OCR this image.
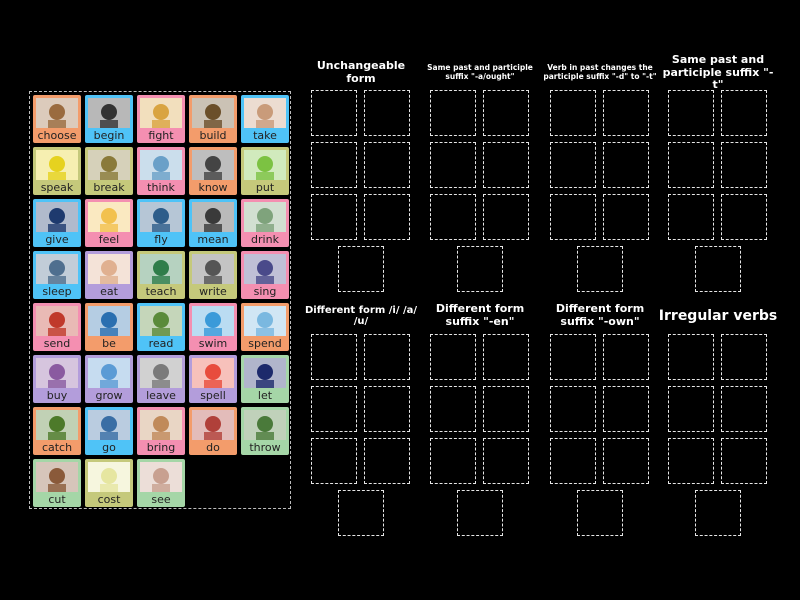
choose	begin	fight	build	take
speak	break	think	know	put
give	feel	fly	mean	drink
sleep	eat	teach	write	sing
send	be	read	swim	spend
buy	grow	leave	spell	let
catch	go	bring	do	throw
cut	cost	see
Unchangeable form
Same past and participle suffix "-a/ought"
Verb in past changes the participle suffix "-d" to "-t"
Same past and participle suffix "-t"
Different form /i/ /a/ /u/
Different form suffix "-en"
Different form suffix "-own"	Irregular verbs
